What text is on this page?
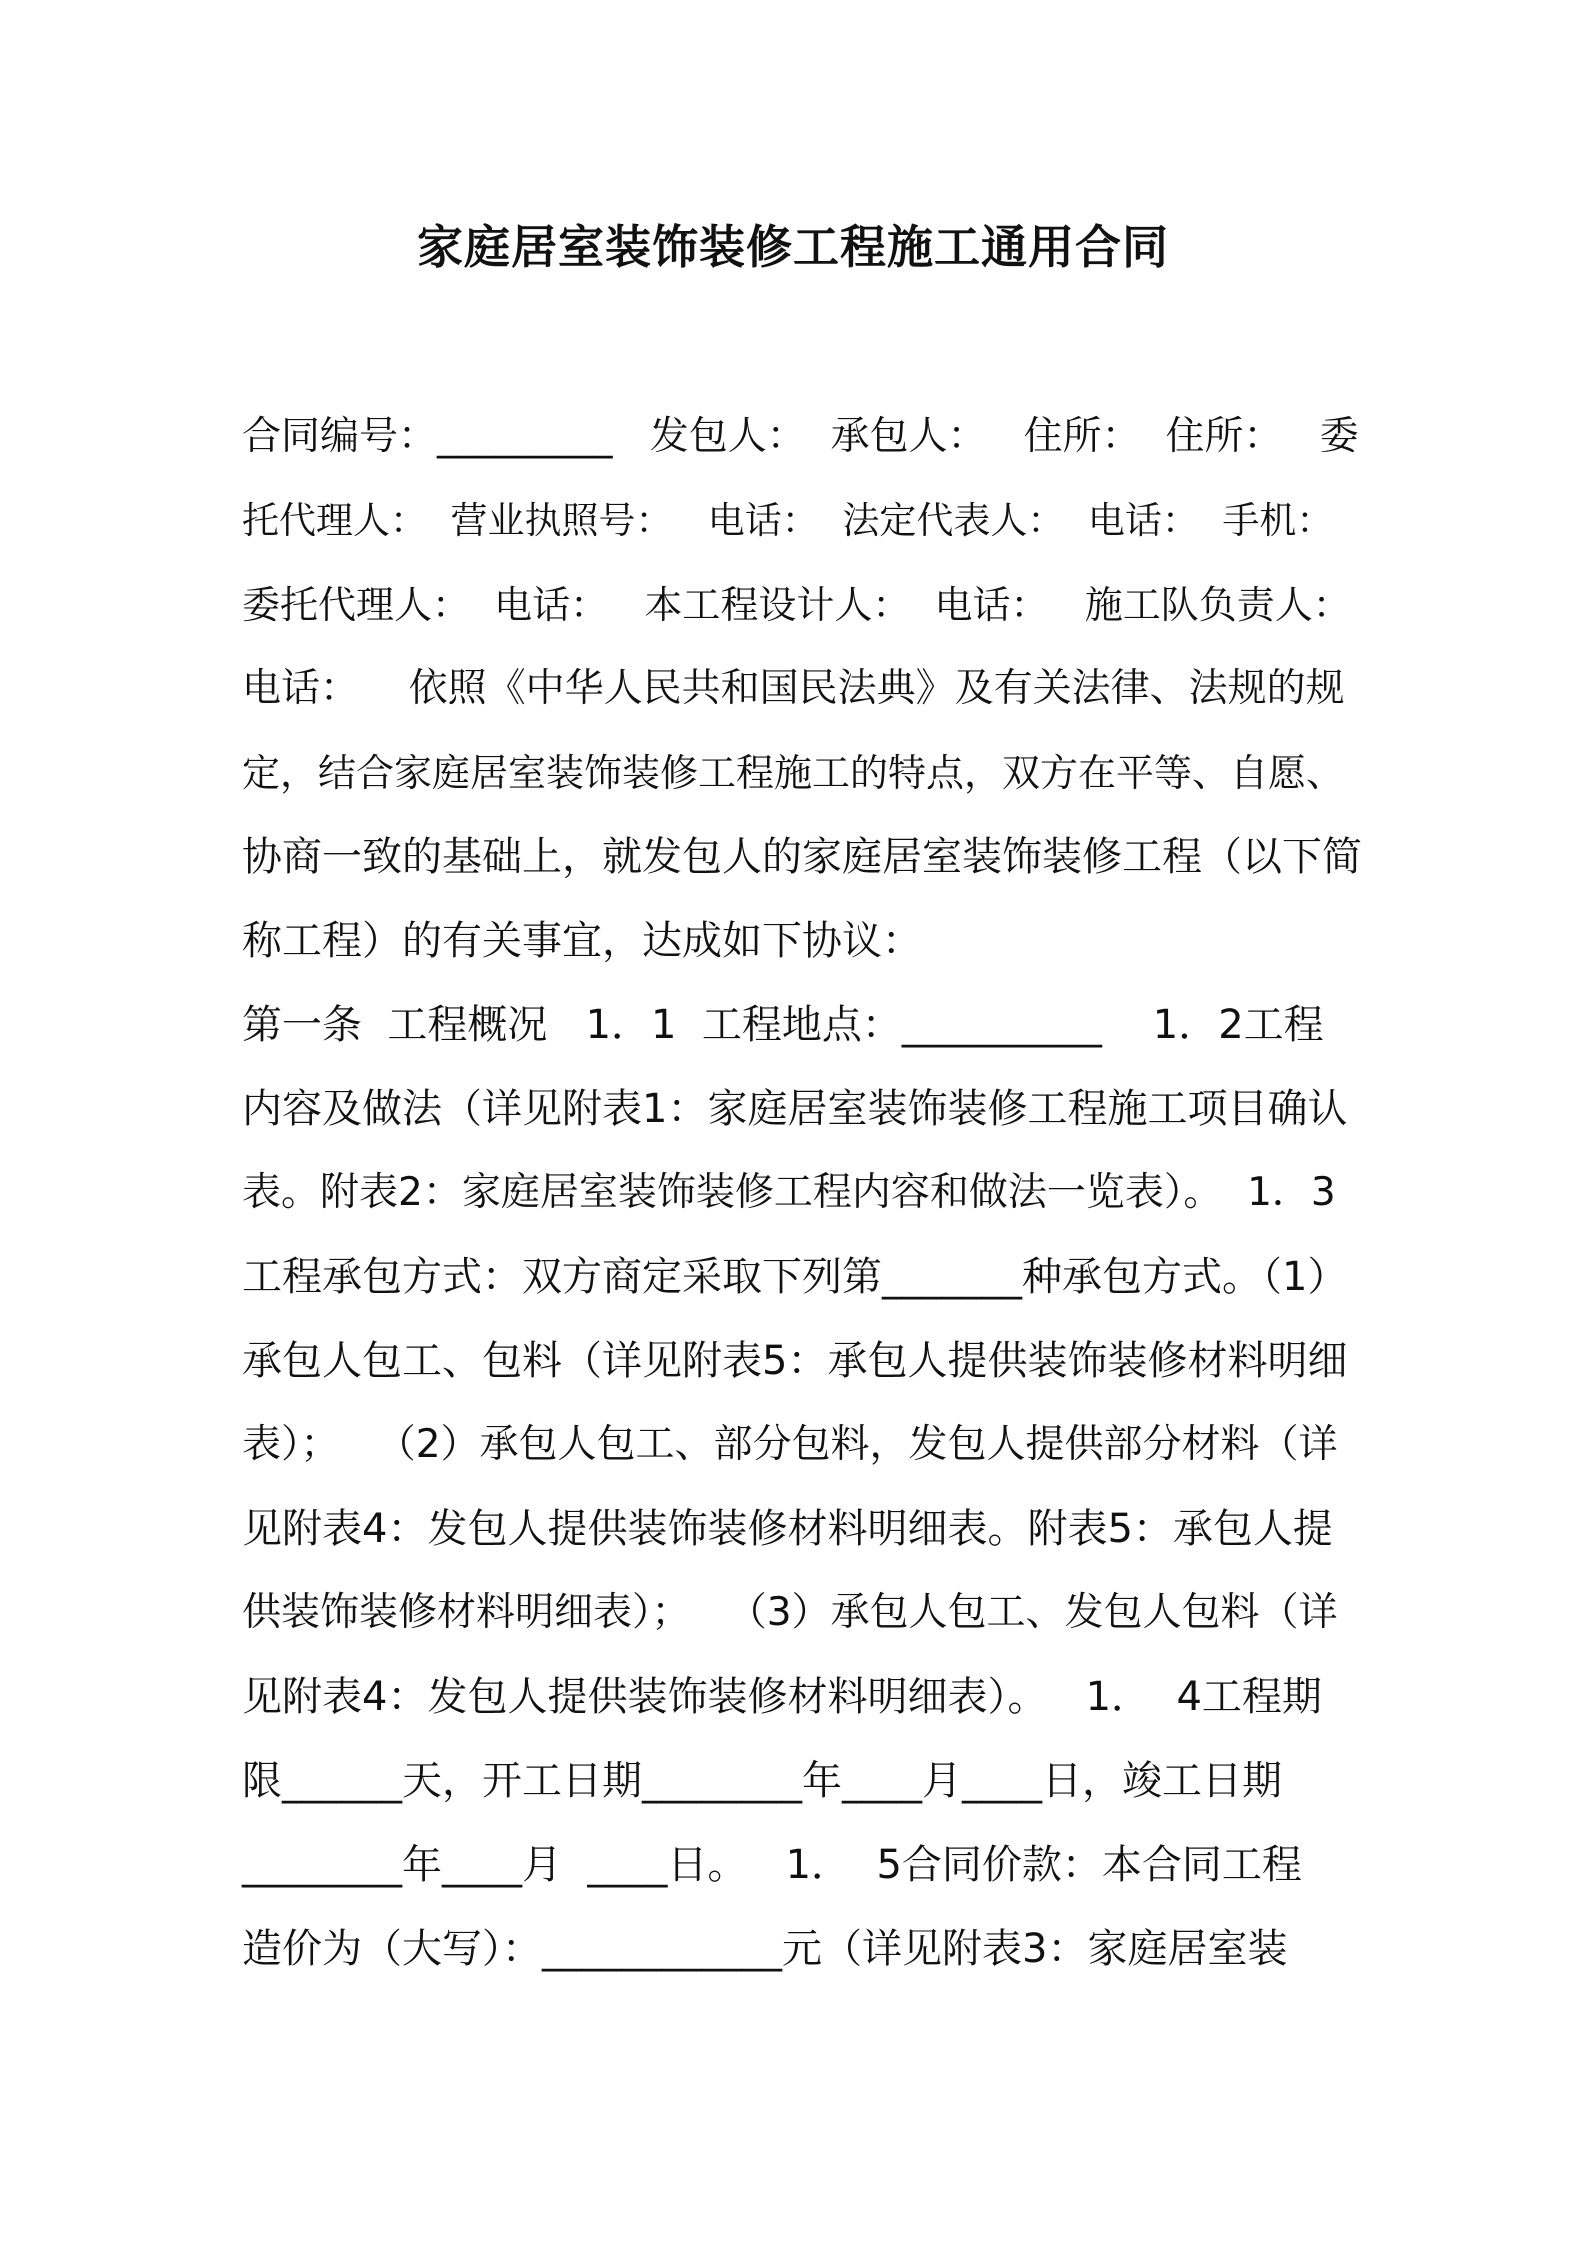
家庭居室装饰装修工程施工通用合同
合同编号：_________   发包人：  承包人：   住所：  住所：   委
托代理人：  营业执照号：   电话：  法定代表人：  电话：  手机：
委托代理人：  电话：   本工程设计人：  电话：   施工队负责人：
电话：    依照《中华人民共和国民法典》及有关法律、法规的规
定，结合家庭居室装饰装修工程施工的特点，双方在平等、自愿、
协商一致的基础上，就发包人的家庭居室装饰装修工程（以下简
称工程）的有关事宜，达成如下协议：
第一条  工程概况   1．1  工程地点：__________    1．2工程
内容及做法（详见附表1：家庭居室装饰装修工程施工项目确认
表。附表2：家庭居室装饰装修工程内容和做法一览表）。  1．3
工程承包方式：双方商定采取下列第_______种承包方式。（1）
承包人包工、包料（详见附表5：承包人提供装饰装修材料明细
表）；   （2）承包人包工、部分包料，发包人提供部分材料（详
见附表4：发包人提供装饰装修材料明细表。附表5：承包人提
供装饰装修材料明细表）；   （3）承包人包工、发包人包料（详
见附表4：发包人提供装饰装修材料明细表）。   1．  4工程期
限______天，开工日期________年____月____日，竣工日期
________年____月  ____日。   1．  5合同价款：本合同工程
造价为（大写）：____________元（详见附表3：家庭居室装
